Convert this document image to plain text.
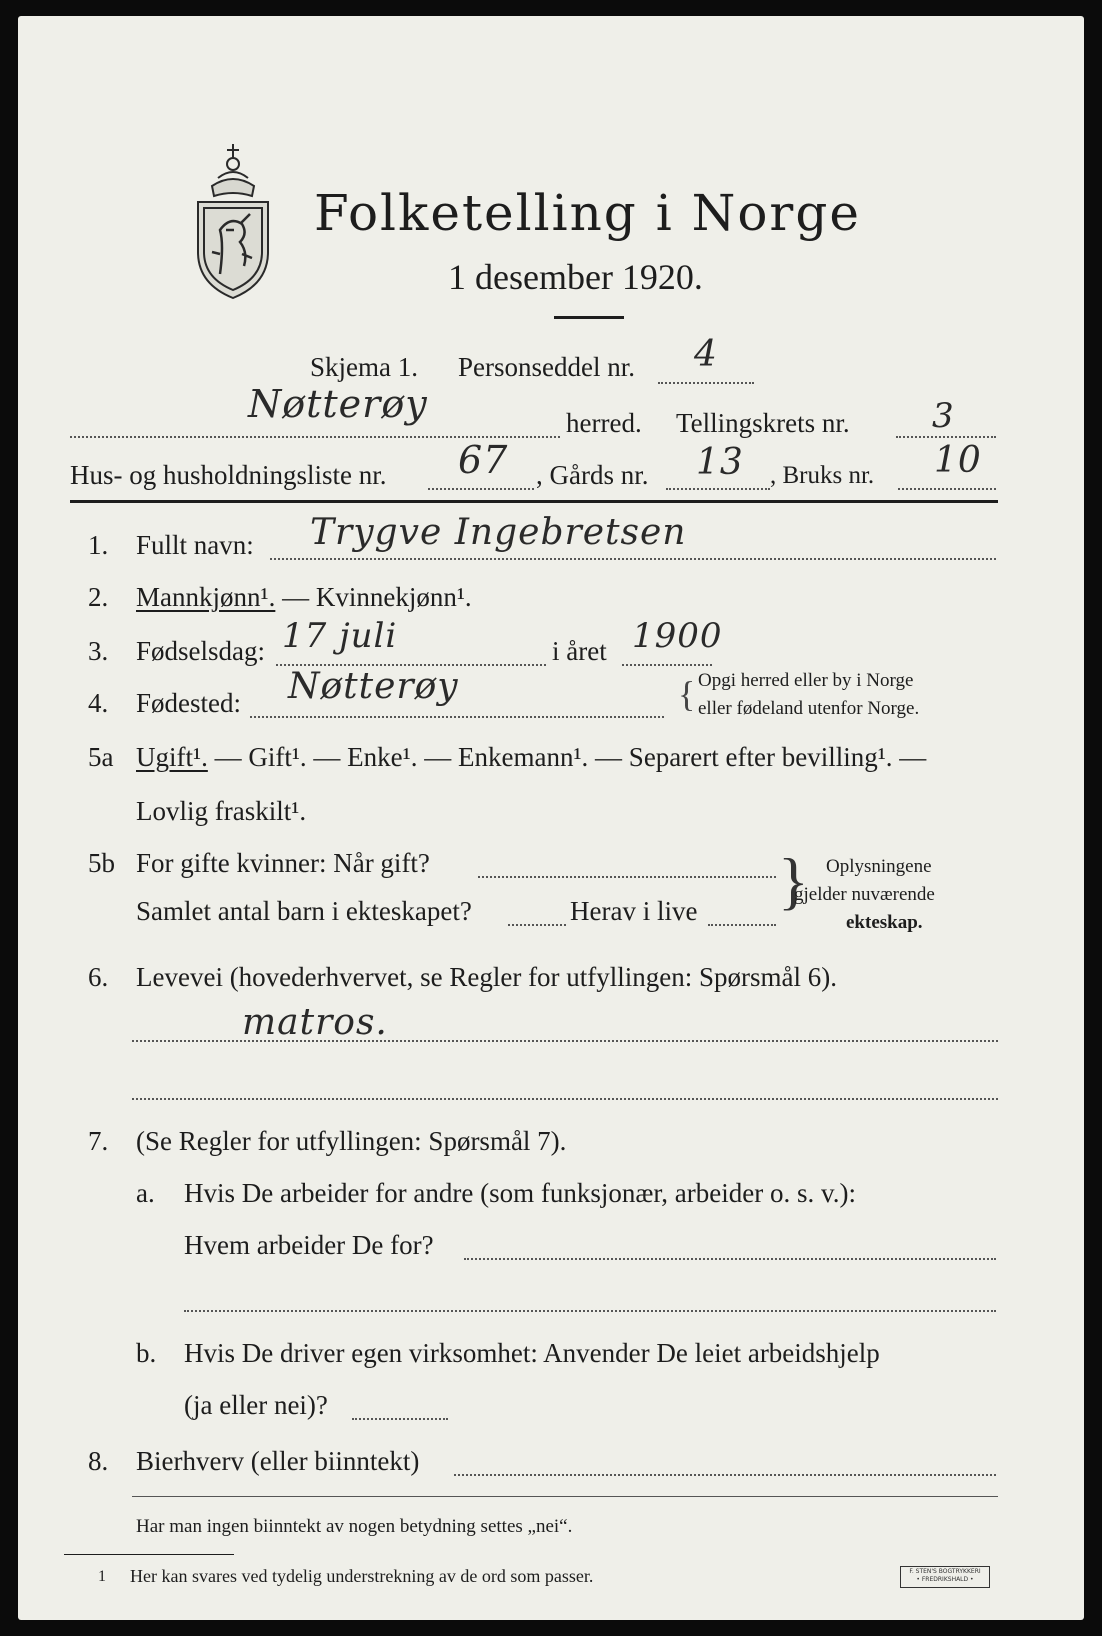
Folketelling i Norge
1 desember 1920.
Skjema 1. Personseddel nr. 4
Nøtterøy	herred. Tellingskrets nr. 3
Hus- og husholdningsliste nr. 67 , Gårds nr. 13 , Bruks nr. 10
1. Fullt navn: Trygve Ingebretsen
2. Mannkjønn¹. — Kvinnekjønn¹.
3. Fødselsdag: 17 juli	i året 1900
4. Fødested: Nøtterøy	{ Opgi herred eller by i Norge
eller fødeland utenfor Norge.
5a Ugift¹. — Gift¹. — Enke¹. — Enkemann¹. — Separert efter bevilling¹. —
Lovlig fraskilt¹.
5b For gifte kvinner: Når gift?
Samlet antal barn i ekteskapet?	Herav i live } Oplysningene
gjelder nuværende
ekteskap.
6. Levevei (hovederhvervet, se Regler for utfyllingen: Spørsmål 6).
matros.
7. (Se Regler for utfyllingen: Spørsmål 7).
a. Hvis De arbeider for andre (som funksjonær, arbeider o. s. v.):
Hvem arbeider De for?
b. Hvis De driver egen virksomhet: Anvender De leiet arbeidshjelp
(ja eller nei)?
8. Bierhverv (eller biinntekt)
Har man ingen biinntekt av nogen betydning settes „nei“.
1 Her kan svares ved tydelig understrekning av de ord som passer.	F. STEN'S BOGTRYKKERI
• FREDRIKSHALD •
